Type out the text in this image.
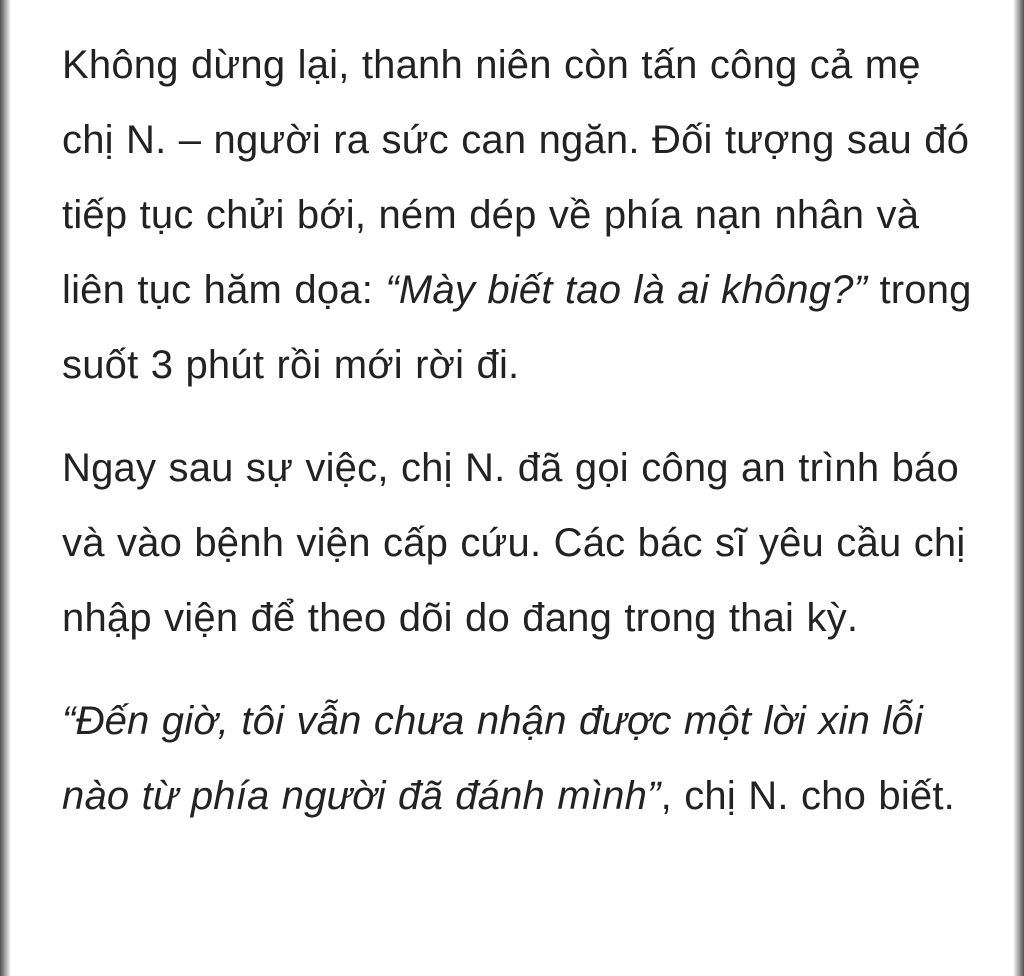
Không dừng lại, thanh niên còn tấn công cả mẹ chị N. – người ra sức can ngăn. Đối tượng sau đó tiếp tục chửi bới, ném dép về phía nạn nhân và liên tục hăm dọa: “Mày biết tao là ai không?” trong suốt 3 phút rồi mới rời đi.

Ngay sau sự việc, chị N. đã gọi công an trình báo và vào bệnh viện cấp cứu. Các bác sĩ yêu cầu chị nhập viện để theo dõi do đang trong thai kỳ.

“Đến giờ, tôi vẫn chưa nhận được một lời xin lỗi nào từ phía người đã đánh mình”, chị N. cho biết.
